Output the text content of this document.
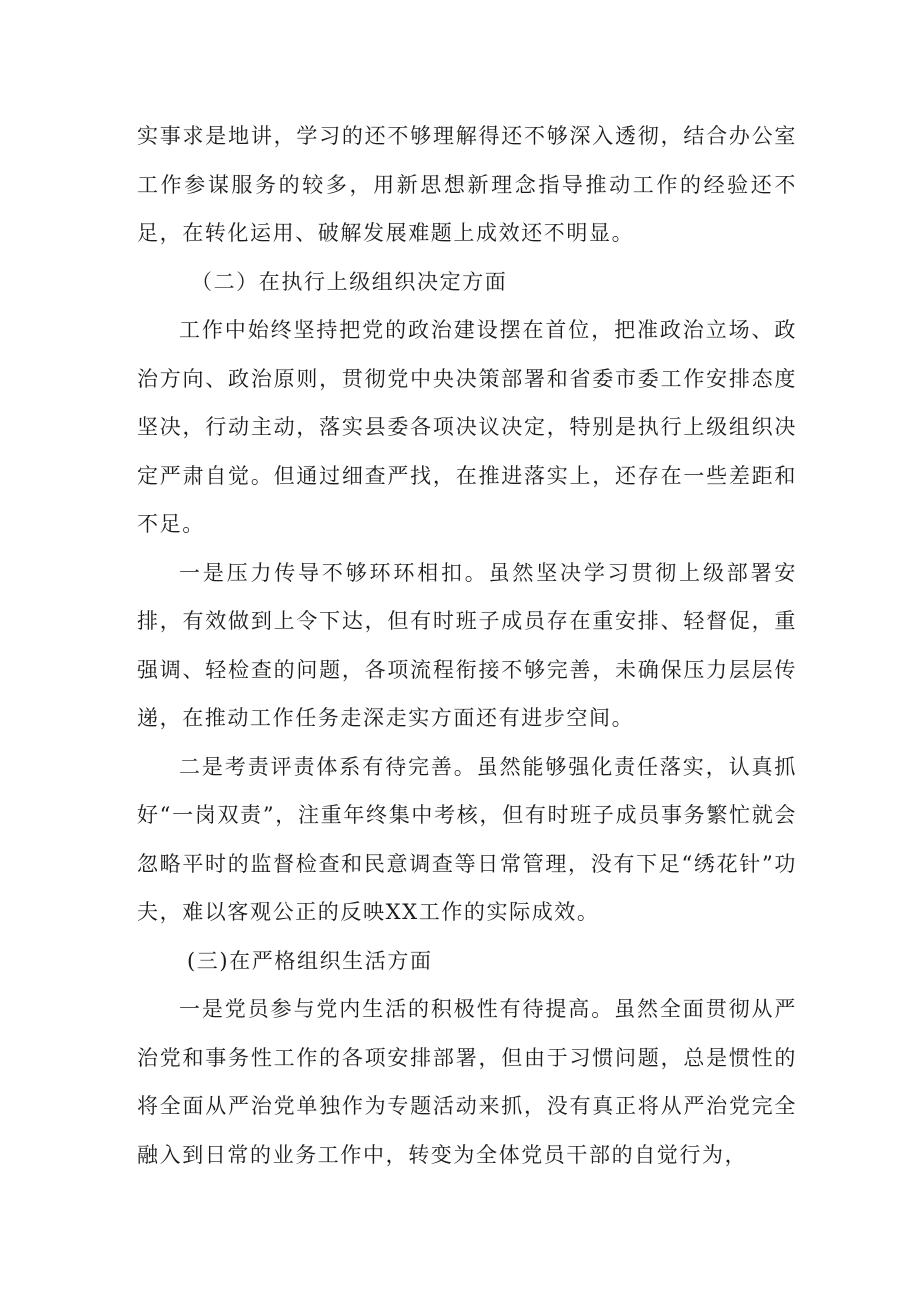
实事求是地讲，学习的还不够理解得还不够深入透彻，结合办公室工作参谋服务的较多，用新思想新理念指导推动工作的经验还不足，在转化运用、破解发展难题上成效还不明显。

（二）在执行上级组织决定方面

工作中始终坚持把党的政治建设摆在首位，把准政治立场、政治方向、政治原则，贯彻党中央决策部署和省委市委工作安排态度坚决，行动主动，落实县委各项决议决定，特别是执行上级组织决定严肃自觉。但通过细查严找，在推进落实上，还存在一些差距和不足。

一是压力传导不够环环相扣。虽然坚决学习贯彻上级部署安排，有效做到上令下达，但有时班子成员存在重安排、轻督促，重强调、轻检查的问题，各项流程衔接不够完善，未确保压力层层传递，在推动工作任务走深走实方面还有进步空间。

二是考责评责体系有待完善。虽然能够强化责任落实，认真抓好“一岗双责”，注重年终集中考核，但有时班子成员事务繁忙就会忽略平时的监督检查和民意调查等日常管理，没有下足“绣花针”功夫，难以客观公正的反映XX工作的实际成效。

(三)在严格组织生活方面

一是党员参与党内生活的积极性有待提高。虽然全面贯彻从严治党和事务性工作的各项安排部署，但由于习惯问题，总是惯性的将全面从严治党单独作为专题活动来抓，没有真正将从严治党完全融入到日常的业务工作中，转变为全体党员干部的自觉行为，
